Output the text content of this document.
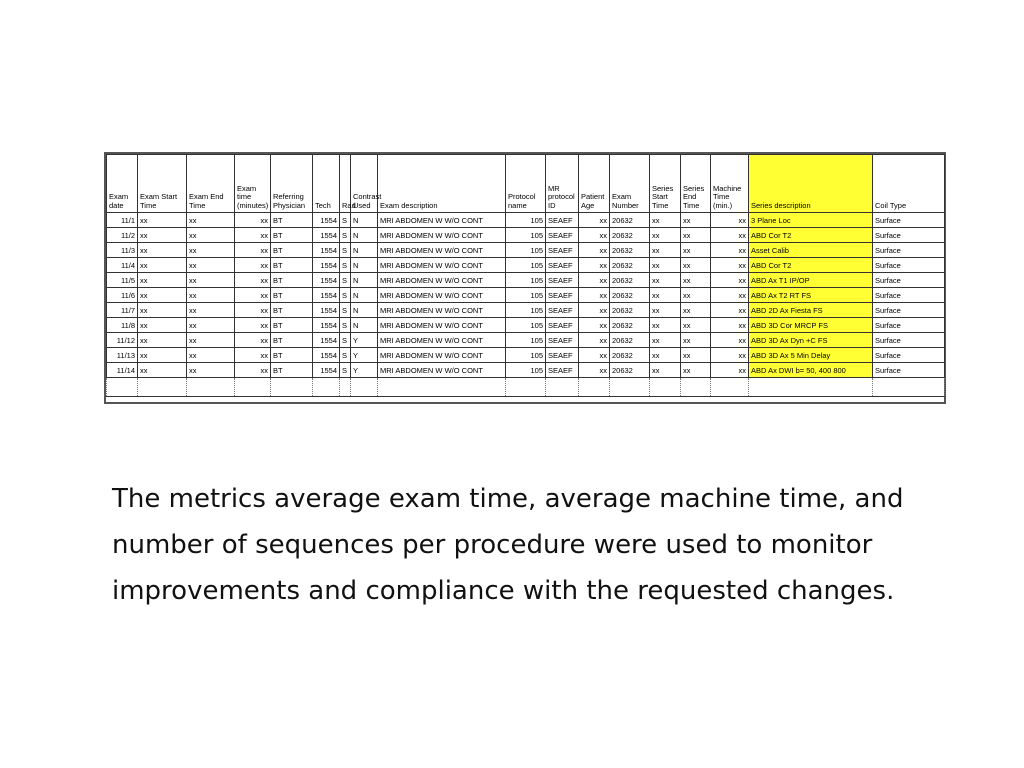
Exam date	Exam Start Time	Exam End Time	Exam time (minutes)	Referring Physician	Tech	Rad	Contrast Used	Exam description	Protocol name	MR protocol ID	Patient Age	Exam Number	Series Start Time	Series End Time	Machine Time (min.)	Series description	Coil Type
11/1	xx	xx	xx	BT	1554	S	N	MRI ABDOMEN W W/O CONT	105	SEAEF	xx	20632	xx	xx	xx	3 Plane Loc	Surface
11/2	xx	xx	xx	BT	1554	S	N	MRI ABDOMEN W W/O CONT	105	SEAEF	xx	20632	xx	xx	xx	ABD Cor T2	Surface
11/3	xx	xx	xx	BT	1554	S	N	MRI ABDOMEN W W/O CONT	105	SEAEF	xx	20632	xx	xx	xx	Asset Calib	Surface
11/4	xx	xx	xx	BT	1554	S	N	MRI ABDOMEN W W/O CONT	105	SEAEF	xx	20632	xx	xx	xx	ABD Cor T2	Surface
11/5	xx	xx	xx	BT	1554	S	N	MRI ABDOMEN W W/O CONT	105	SEAEF	xx	20632	xx	xx	xx	ABD Ax T1 IP/OP	Surface
11/6	xx	xx	xx	BT	1554	S	N	MRI ABDOMEN W W/O CONT	105	SEAEF	xx	20632	xx	xx	xx	ABD Ax T2 RT FS	Surface
11/7	xx	xx	xx	BT	1554	S	N	MRI ABDOMEN W W/O CONT	105	SEAEF	xx	20632	xx	xx	xx	ABD 2D Ax Fiesta FS	Surface
11/8	xx	xx	xx	BT	1554	S	N	MRI ABDOMEN W W/O CONT	105	SEAEF	xx	20632	xx	xx	xx	ABD 3D Cor MRCP FS	Surface
11/12	xx	xx	xx	BT	1554	S	Y	MRI ABDOMEN W W/O CONT	105	SEAEF	xx	20632	xx	xx	xx	ABD 3D Ax Dyn +C FS	Surface
11/13	xx	xx	xx	BT	1554	S	Y	MRI ABDOMEN W W/O CONT	105	SEAEF	xx	20632	xx	xx	xx	ABD 3D Ax 5 Min Delay	Surface
11/14	xx	xx	xx	BT	1554	S	Y	MRI ABDOMEN W W/O CONT	105	SEAEF	xx	20632	xx	xx	xx	ABD Ax DWI b= 50, 400 800	Surface

The metrics average exam time, average machine time, and number of sequences per procedure were used to monitor improvements and compliance with the requested changes.
